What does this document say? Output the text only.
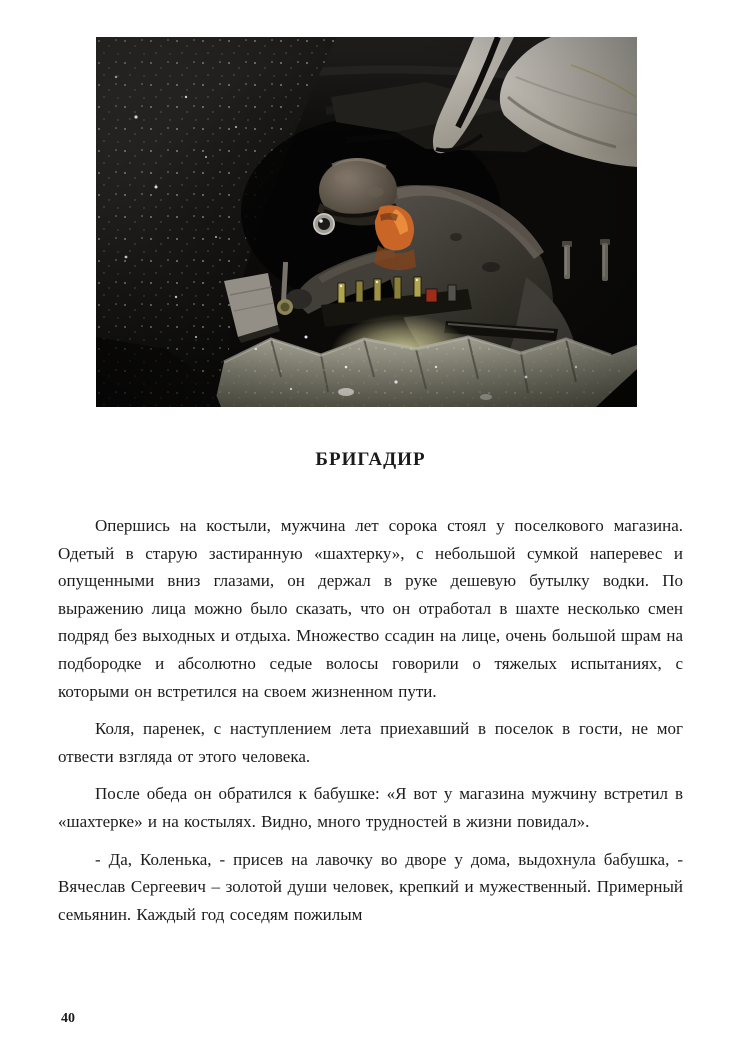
БРИГАДИР

Опершись на костыли, мужчина лет сорока стоял у поселкового магазина. Одетый в старую застиранную «шахтерку», с небольшой сумкой наперевес и опущенными вниз глазами, он держал в руке дешевую бутылку водки. По выражению лица можно было сказать, что он отработал в шахте несколько смен подряд без выходных и отдыха. Множество ссадин на лице, очень большой шрам на подбородке и абсолютно седые волосы говорили о тяжелых испытаниях, с которыми он встретился на своем жизненном пути.

Коля, паренек, с наступлением лета приехавший в поселок в гости, не мог отвести взгляда от этого человека.

После обеда он обратился к бабушке: «Я вот у магазина мужчину встретил в «шахтерке» и на костылях. Видно, много трудностей в жизни повидал».

- Да, Коленька, - присев на лавочку во дворе у дома, выдохнула бабушка, - Вячеслав Сергеевич – золотой души человек, крепкий и мужественный. Примерный семьянин. Каждый год соседям пожилым

40
